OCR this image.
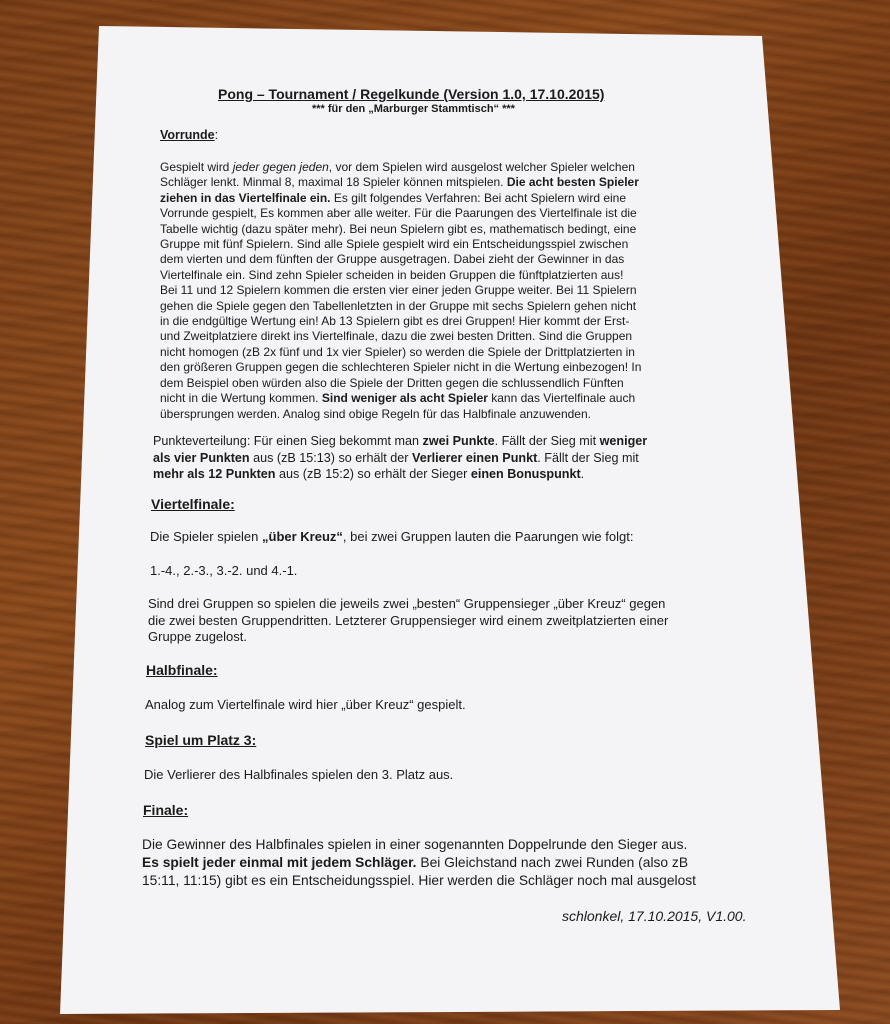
Pong – Tournament / Regelkunde (Version 1.0, 17.10.2015)
*** für den „Marburger Stammtisch“ ***
Vorrunde:
Gespielt wird jeder gegen jeden, vor dem Spielen wird ausgelost welcher Spieler welchen
Schläger lenkt. Minmal 8, maximal 18 Spieler können mitspielen. Die acht besten Spieler
ziehen in das Viertelfinale ein. Es gilt folgendes Verfahren: Bei acht Spielern wird eine
Vorrunde gespielt, Es kommen aber alle weiter. Für die Paarungen des Viertelfinale ist die
Tabelle wichtig (dazu später mehr). Bei neun Spielern gibt es, mathematisch bedingt, eine
Gruppe mit fünf Spielern. Sind alle Spiele gespielt wird ein Entscheidungsspiel zwischen
dem vierten und dem fünften der Gruppe ausgetragen. Dabei zieht der Gewinner in das
Viertelfinale ein. Sind zehn Spieler scheiden in beiden Gruppen die fünftplatzierten aus!
Bei 11 und 12 Spielern kommen die ersten vier einer jeden Gruppe weiter. Bei 11 Spielern
gehen die Spiele gegen den Tabellenletzten in der Gruppe mit sechs Spielern gehen nicht
in die endgültige Wertung ein! Ab 13 Spielern gibt es drei Gruppen! Hier kommt der Erst-
und Zweitplatziere direkt ins Viertelfinale, dazu die zwei besten Dritten. Sind die Gruppen
nicht homogen (zB 2x fünf und 1x vier Spieler) so werden die Spiele der Drittplatzierten in
den größeren Gruppen gegen die schlechteren Spieler nicht in die Wertung einbezogen! In
dem Beispiel oben würden also die Spiele der Dritten gegen die schlussendlich Fünften
nicht in die Wertung kommen. Sind weniger als acht Spieler kann das Viertelfinale auch
übersprungen werden. Analog sind obige Regeln für das Halbfinale anzuwenden.
Punkteverteilung: Für einen Sieg bekommt man zwei Punkte. Fällt der Sieg mit weniger
als vier Punkten aus (zB 15:13) so erhält der Verlierer einen Punkt. Fällt der Sieg mit
mehr als 12 Punkten aus (zB 15:2) so erhält der Sieger einen Bonuspunkt.
Viertelfinale:
Die Spieler spielen „über Kreuz“, bei zwei Gruppen lauten die Paarungen wie folgt:
1.-4., 2.-3., 3.-2. und 4.-1.
Sind drei Gruppen so spielen die jeweils zwei „besten“ Gruppensieger „über Kreuz“ gegen
die zwei besten Gruppendritten. Letzterer Gruppensieger wird einem zweitplatzierten einer
Gruppe zugelost.
Halbfinale:
Analog zum Viertelfinale wird hier „über Kreuz“ gespielt.
Spiel um Platz 3:
Die Verlierer des Halbfinales spielen den 3. Platz aus.
Finale:
Die Gewinner des Halbfinales spielen in einer sogenannten Doppelrunde den Sieger aus.
Es spielt jeder einmal mit jedem Schläger. Bei Gleichstand nach zwei Runden (also zB
15:11, 11:15) gibt es ein Entscheidungsspiel. Hier werden die Schläger noch mal ausgelost
schlonkel, 17.10.2015, V1.00.
